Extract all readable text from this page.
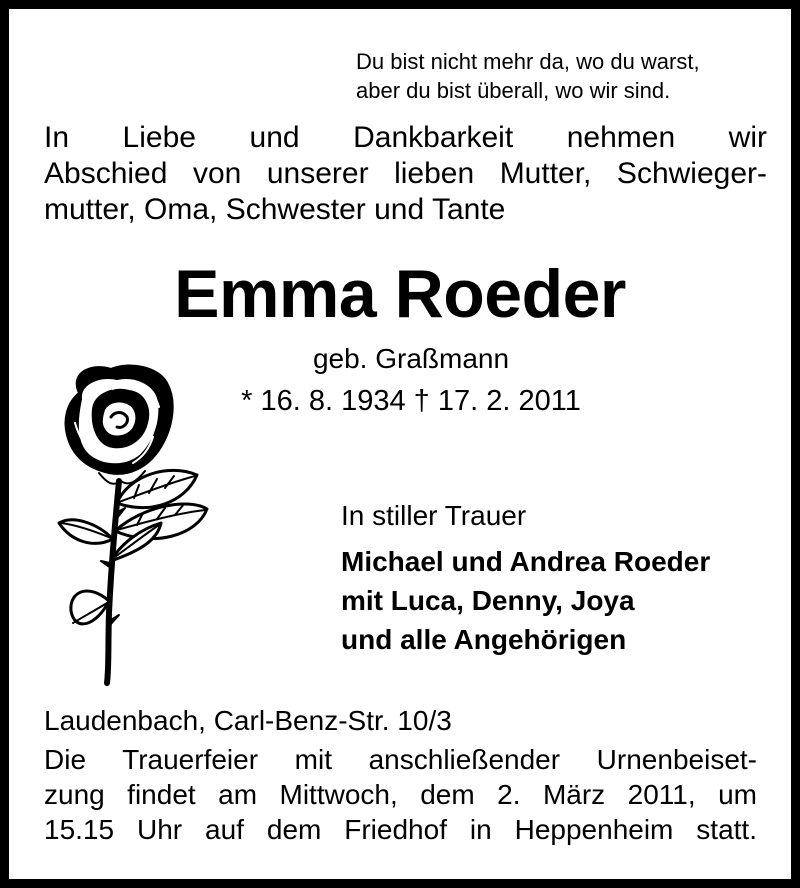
Du bist nicht mehr da, wo du warst,
aber du bist überall, wo wir sind.
In Liebe und Dankbarkeit nehmen wir
Abschied von unserer lieben Mutter, Schwieger-
mutter, Oma, Schwester und Tante
Emma Roeder
geb. Graßmann
* 16. 8. 1934 † 17. 2. 2011
In stiller Trauer
Michael und Andrea Roeder
mit Luca, Denny, Joya
und alle Angehörigen
Laudenbach, Carl-Benz-Str. 10/3
Die Trauerfeier mit anschließender Urnenbeiset-
zung findet am Mittwoch, dem 2. März 2011, um
15.15 Uhr auf dem Friedhof in Heppenheim statt.
